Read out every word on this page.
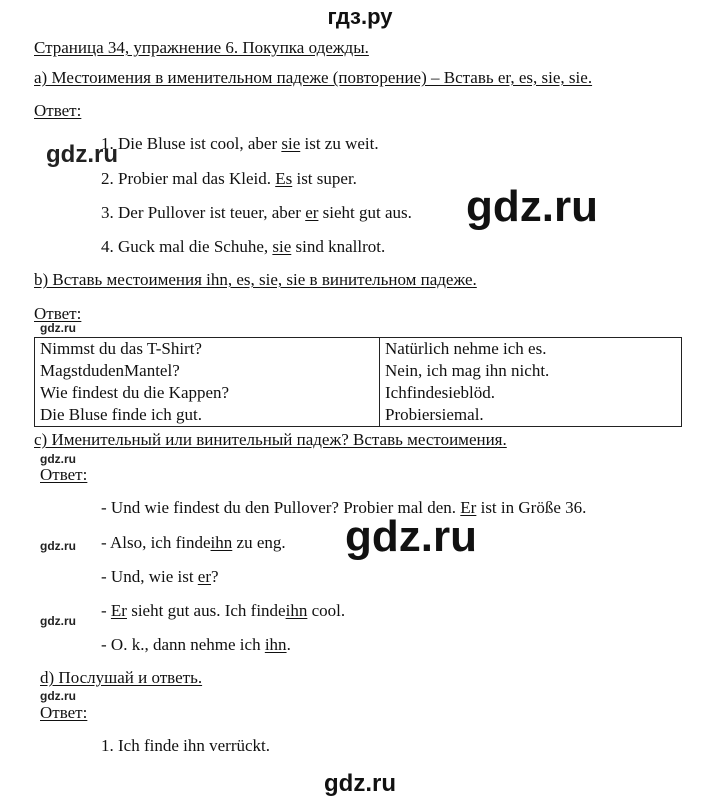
гдз.ру
Страница 34, упражнение 6. Покупка одежды.
а) Местоимения в именительном падеже (повторение) – Вставь er, es, sie, sie.
Ответ:
gdz.ru
gdz.ru
1. Die Bluse ist cool, aber sie ist zu weit.
2. Probier mal das Kleid. Es ist super.
3. Der Pullover ist teuer, aber er sieht gut aus.
4. Guck mal die Schuhe, sie sind knallrot.
b) Вставь местоимения ihn, es, sie, sie в винительном падеже.
Ответ:
gdz.ru
Nimmst du das T-Shirt?	Natürlich nehme ich es.
MagstdudenMantel?	Nein, ich mag ihn nicht.
Wie findest du die Kappen?	Ichfindesieblöd.
Die Bluse finde ich gut.	Probiersiemal.
c) Именительный или винительный падеж? Вставь местоимения.
gdz.ru
Ответ:
- Und wie findest du den Pullover? Probier mal den. Er ist in Größe 36.
gdz.ru	gdz.ru
- Also, ich findeihn zu eng.
- Und, wie ist er?
gdz.ru
- Er sieht gut aus. Ich findeihn cool.
- O. k., dann nehme ich ihn.
d) Послушай и ответь.
gdz.ru
Ответ:
1. Ich finde ihn verrückt.
gdz.ru
